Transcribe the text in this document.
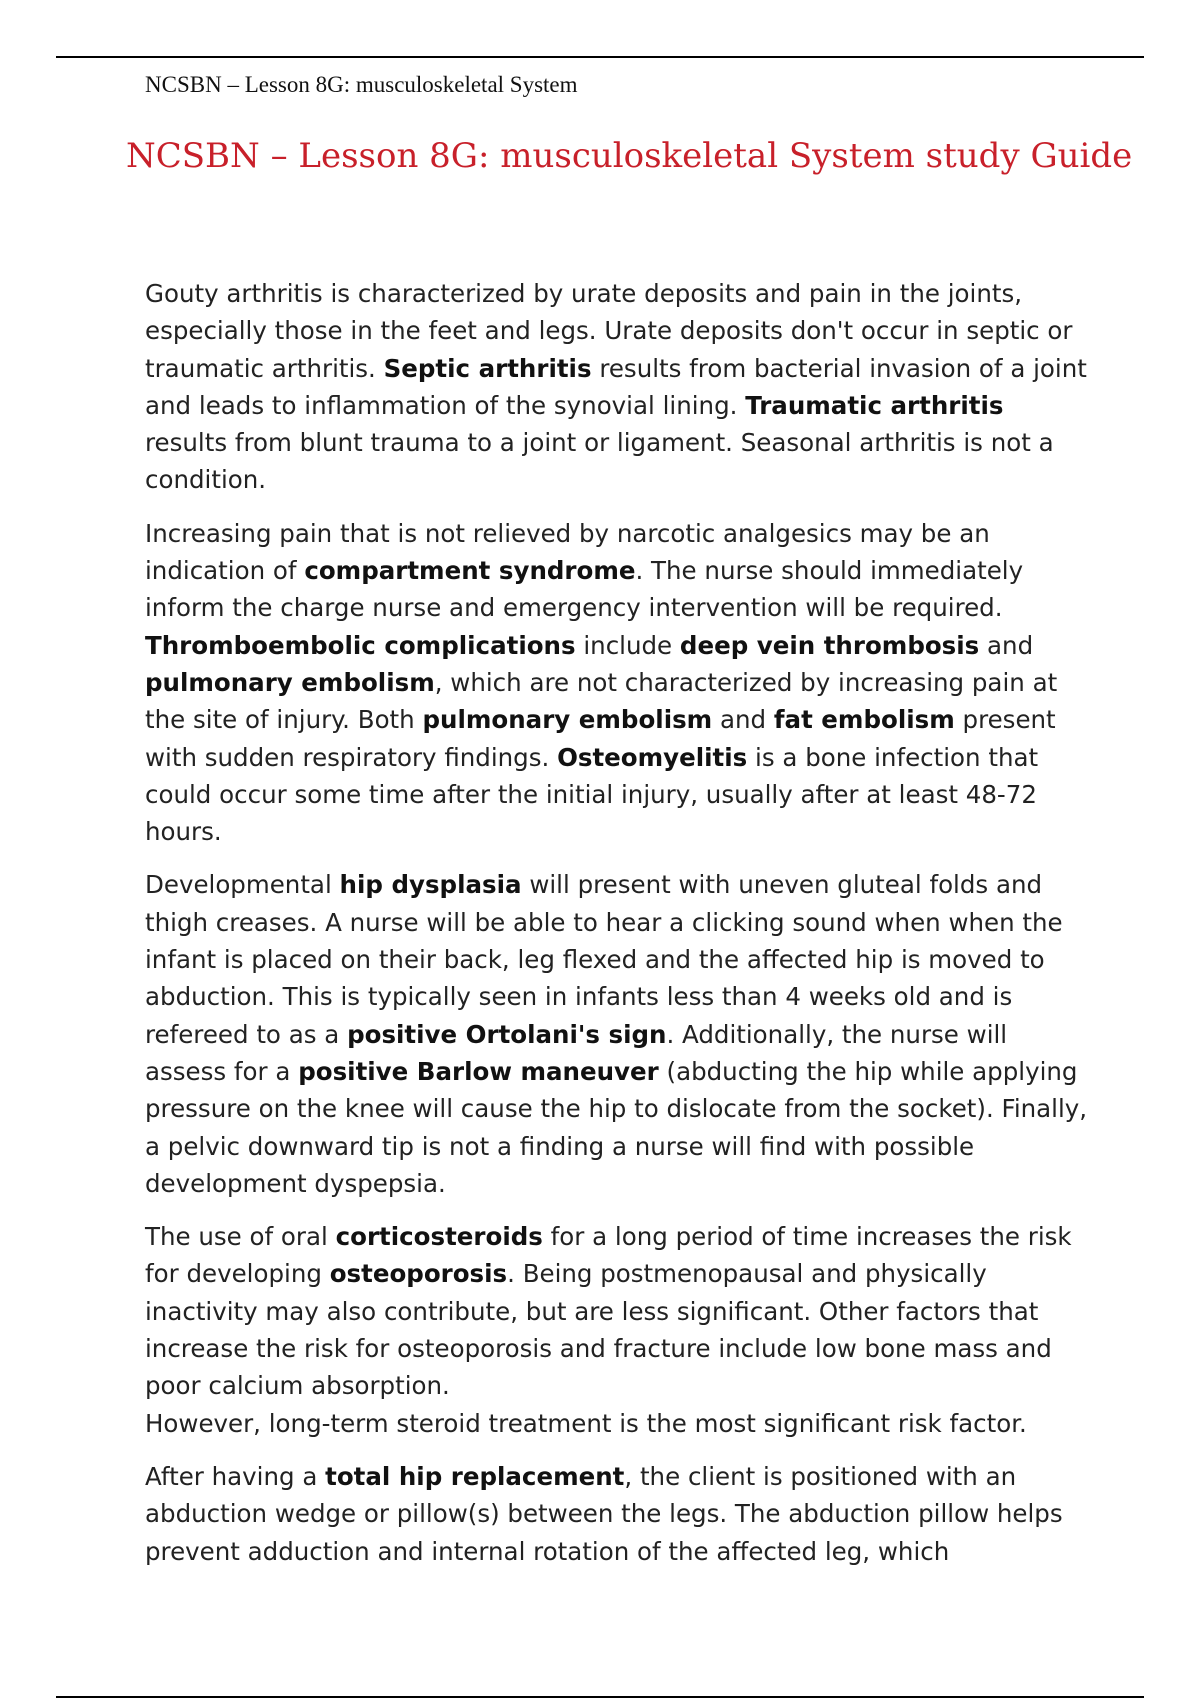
NCSBN – Lesson 8G: musculoskeletal System
NCSBN – Lesson 8G: musculoskeletal System study Guide

Gouty arthritis is characterized by urate deposits and pain in the joints, especially those in the feet and legs. Urate deposits don't occur in septic or traumatic arthritis. Septic arthritis results from bacterial invasion of a joint and leads to inflammation of the synovial lining. Traumatic arthritis results from blunt trauma to a joint or ligament. Seasonal arthritis is not a condition.

Increasing pain that is not relieved by narcotic analgesics may be an indication of compartment syndrome. The nurse should immediately inform the charge nurse and emergency intervention will be required. Thromboembolic complications include deep vein thrombosis and pulmonary embolism, which are not characterized by increasing pain at the site of injury. Both pulmonary embolism and fat embolism present with sudden respiratory findings. Osteomyelitis is a bone infection that could occur some time after the initial injury, usually after at least 48-72 hours.

Developmental hip dysplasia will present with uneven gluteal folds and thigh creases. A nurse will be able to hear a clicking sound when when the infant is placed on their back, leg flexed and the affected hip is moved to abduction. This is typically seen in infants less than 4 weeks old and is refereed to as a positive Ortolani's sign. Additionally, the nurse will assess for a positive Barlow maneuver (abducting the hip while applying pressure on the knee will cause the hip to dislocate from the socket). Finally, a pelvic downward tip is not a finding a nurse will find with possible development dyspepsia.

The use of oral corticosteroids for a long period of time increases the risk for developing osteoporosis. Being postmenopausal and physically inactivity may also contribute, but are less significant. Other factors that increase the risk for osteoporosis and fracture include low bone mass and poor calcium absorption.
However, long-term steroid treatment is the most significant risk factor.

After having a total hip replacement, the client is positioned with an abduction wedge or pillow(s) between the legs. The abduction pillow helps prevent adduction and internal rotation of the affected leg, which
